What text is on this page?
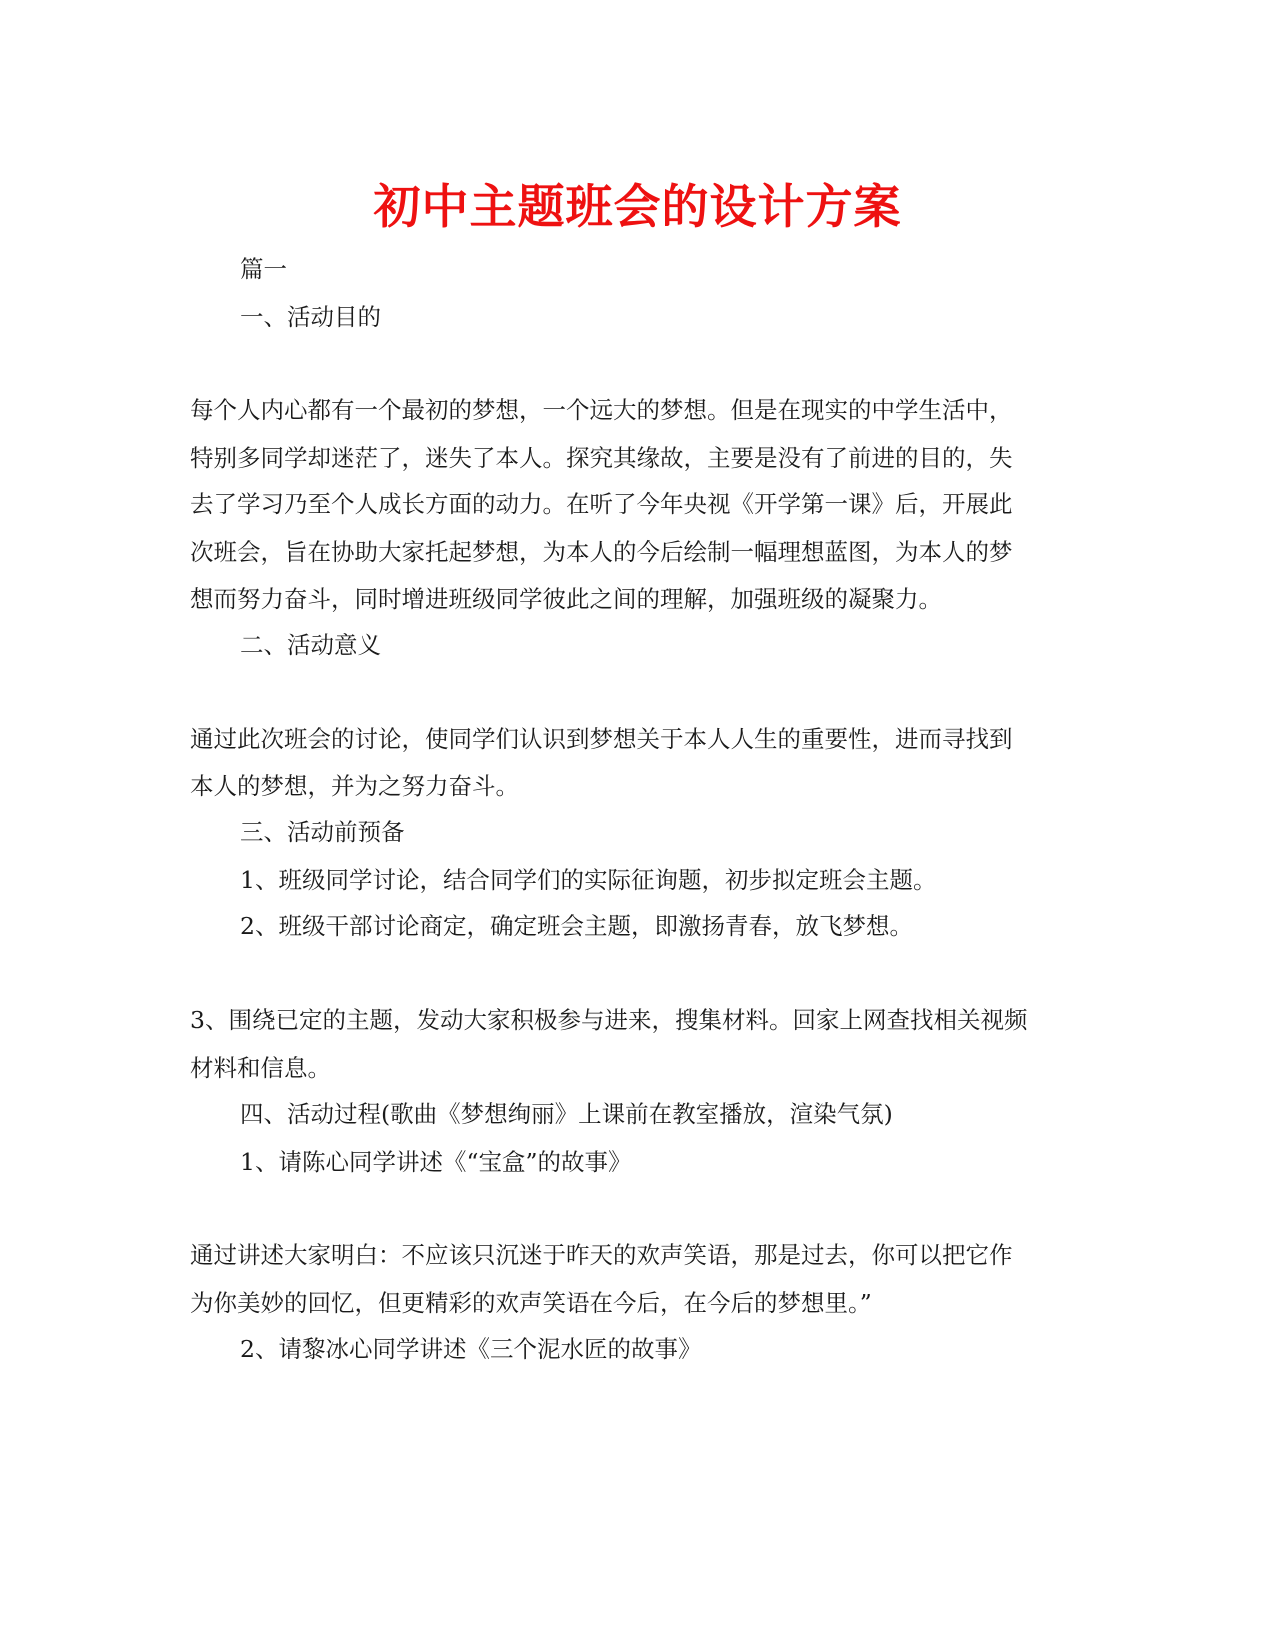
初中主题班会的设计方案

篇一

一、活动目的

每个人内心都有一个最初的梦想，一个远大的梦想。但是在现实的中学生活中，

特别多同学却迷茫了，迷失了本人。探究其缘故，主要是没有了前进的目的，失

去了学习乃至个人成长方面的动力。在听了今年央视《开学第一课》后，开展此

次班会，旨在协助大家托起梦想，为本人的今后绘制一幅理想蓝图，为本人的梦

想而努力奋斗，同时增进班级同学彼此之间的理解，加强班级的凝聚力。

二、活动意义

通过此次班会的讨论，使同学们认识到梦想关于本人人生的重要性，进而寻找到

本人的梦想，并为之努力奋斗。

三、活动前预备

1、班级同学讨论，结合同学们的实际征询题，初步拟定班会主题。

2、班级干部讨论商定，确定班会主题，即激扬青春，放飞梦想。

3、围绕已定的主题，发动大家积极参与进来，搜集材料。回家上网查找相关视频

材料和信息。

四、活动过程(歌曲《梦想绚丽》上课前在教室播放，渲染气氛)

1、请陈心同学讲述《“宝盒”的故事》

通过讲述大家明白：不应该只沉迷于昨天的欢声笑语，那是过去，你可以把它作

为你美妙的回忆，但更精彩的欢声笑语在今后，在今后的梦想里。”

2、请黎冰心同学讲述《三个泥水匠的故事》
